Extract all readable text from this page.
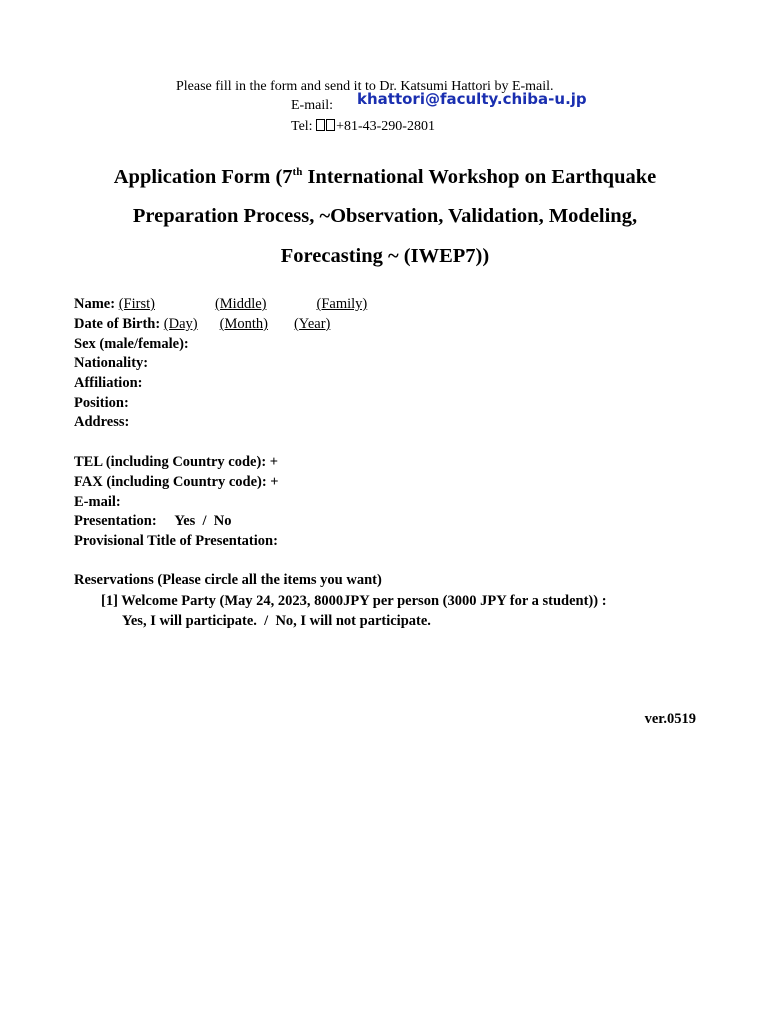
Please fill in the form and send it to Dr. Katsumi Hattori by E-mail.
E-mail: khattori@faculty.chiba-u.jp
Tel: +81-43-290-2801
Application Form (7th International Workshop on Earthquake
Preparation Process, ~Observation, Validation, Modeling,
Forecasting ~ (IWEP7))
Name: (First)	(Middle)	(Family)
Date of Birth: (Day) (Month) (Year)
Sex (male/female):
Nationality:
Affiliation:
Position:
Address:
TEL (including Country code): +
FAX (including Country code): +
E-mail:
Presentation: Yes  /  No
Provisional Title of Presentation:
Reservations (Please circle all the items you want)
[1] Welcome Party (May 24, 2023, 8000JPY per person (3000 JPY for a student)) :
Yes, I will participate.  /  No, I will not participate.
ver.0519
